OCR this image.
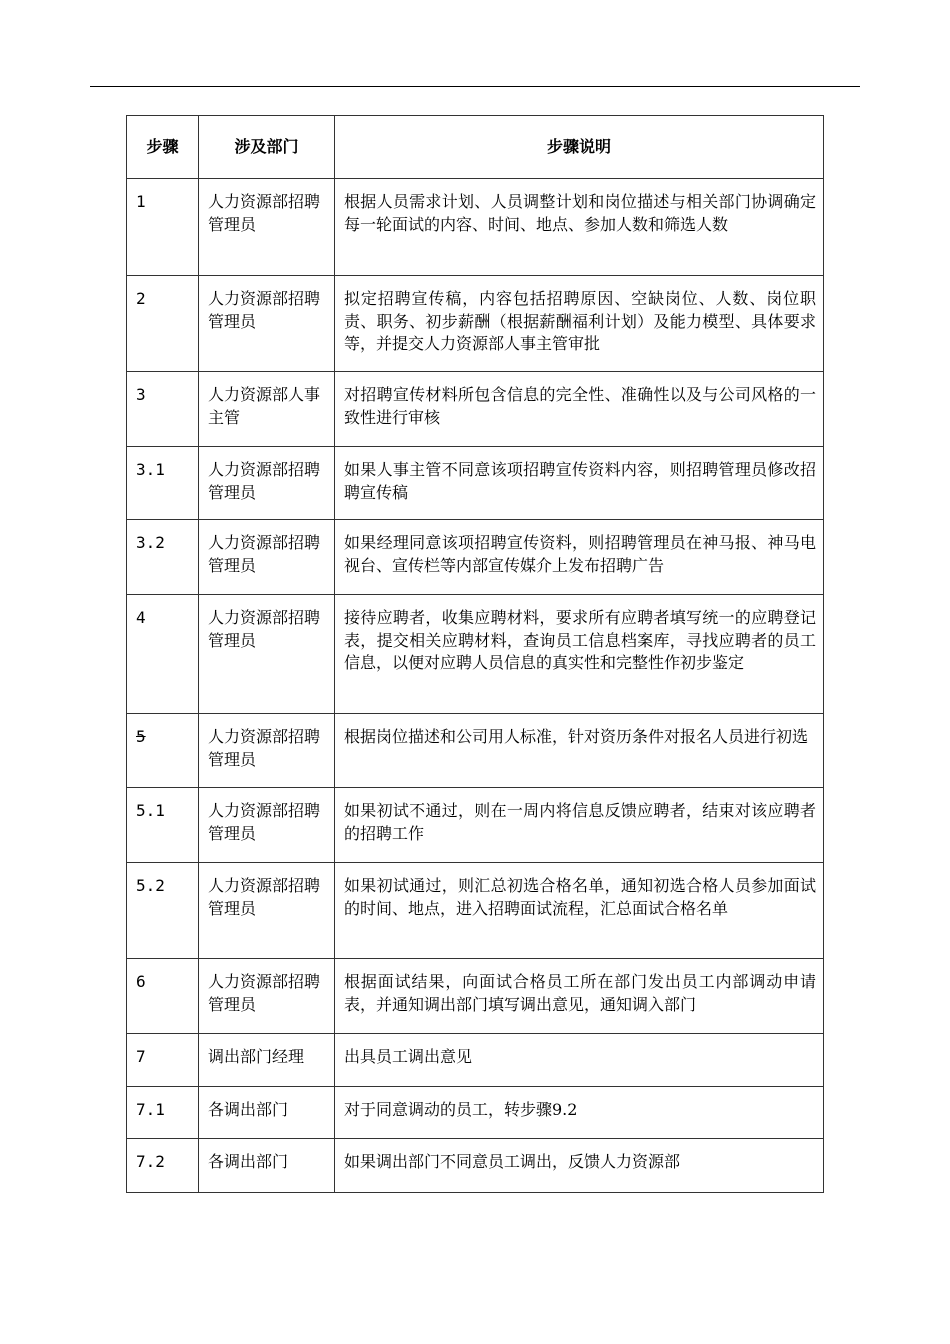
步骤	涉及部门	步骤说明
1	人力资源部招聘管理员	根据人员需求计划、人员调整计划和岗位描述与相关部门协调确定每一轮面试的内容、时间、地点、参加人数和筛选人数
2	人力资源部招聘管理员	拟定招聘宣传稿，内容包括招聘原因、空缺岗位、人数、岗位职责、职务、初步薪酬（根据薪酬福利计划）及能力模型、具体要求等，并提交人力资源部人事主管审批
3	人力资源部人事主管	对招聘宣传材料所包含信息的完全性、准确性以及与公司风格的一致性进行审核
3.1	人力资源部招聘管理员	如果人事主管不同意该项招聘宣传资料内容，则招聘管理员修改招聘宣传稿
3.2	人力资源部招聘管理员	如果经理同意该项招聘宣传资料，则招聘管理员在神马报、神马电视台、宣传栏等内部宣传媒介上发布招聘广告
4	人力资源部招聘管理员	接待应聘者，收集应聘材料，要求所有应聘者填写统一的应聘登记表，提交相关应聘材料，查询员工信息档案库，寻找应聘者的员工信息，以便对应聘人员信息的真实性和完整性作初步鉴定
5	人力资源部招聘管理员	根据岗位描述和公司用人标准，针对资历条件对报名人员进行初选
5.1	人力资源部招聘管理员	如果初试不通过，则在一周内将信息反馈应聘者，结束对该应聘者的招聘工作
5.2	人力资源部招聘管理员	如果初试通过，则汇总初选合格名单，通知初选合格人员参加面试的时间、地点，进入招聘面试流程，汇总面试合格名单
6	人力资源部招聘管理员	根据面试结果，向面试合格员工所在部门发出员工内部调动申请表，并通知调出部门填写调出意见，通知调入部门
7	调出部门经理	出具员工调出意见
7.1	各调出部门	对于同意调动的员工，转步骤9.2
7.2	各调出部门	如果调出部门不同意员工调出，反馈人力资源部
